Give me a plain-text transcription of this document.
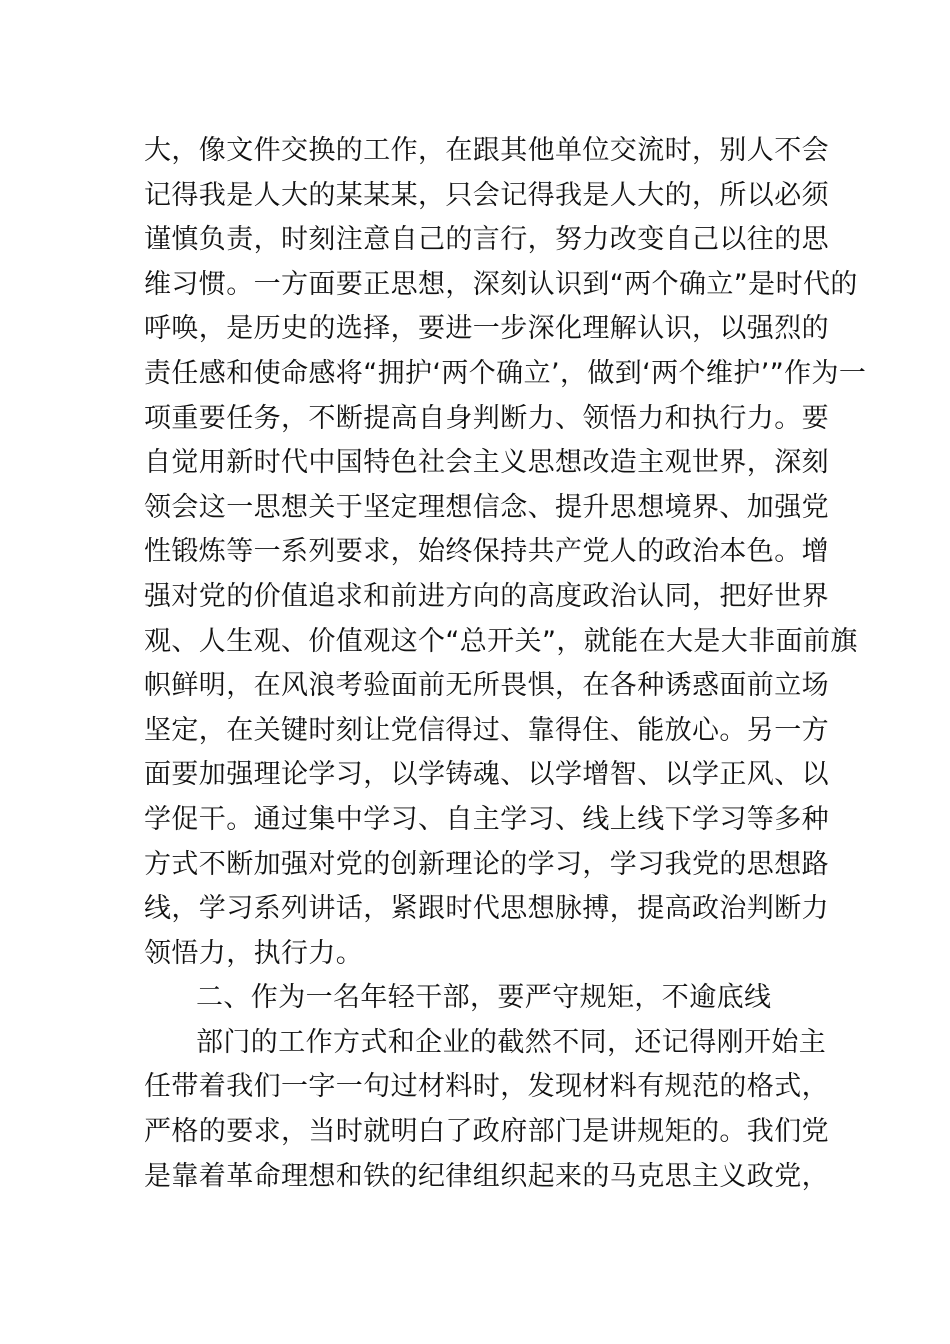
大，像文件交换的工作，在跟其他单位交流时，别人不会
记得我是人大的某某某，只会记得我是人大的，所以必须
谨慎负责，时刻注意自己的言行，努力改变自己以往的思
维习惯。一方面要正思想，深刻认识到“两个确立”是时代的
呼唤，是历史的选择，要进一步深化理解认识，以强烈的
责任感和使命感将“拥护‘两个确立’，做到‘两个维护’”作为一
项重要任务，不断提高自身判断力、领悟力和执行力。要
自觉用新时代中国特色社会主义思想改造主观世界，深刻
领会这一思想关于坚定理想信念、提升思想境界、加强党
性锻炼等一系列要求，始终保持共产党人的政治本色。增
强对党的价值追求和前进方向的高度政治认同，把好世界
观、人生观、价值观这个“总开关”，就能在大是大非面前旗
帜鲜明，在风浪考验面前无所畏惧，在各种诱惑面前立场
坚定，在关键时刻让党信得过、靠得住、能放心。另一方
面要加强理论学习，以学铸魂、以学增智、以学正风、以
学促干。通过集中学习、自主学习、线上线下学习等多种
方式不断加强对党的创新理论的学习，学习我党的思想路
线，学习系列讲话，紧跟时代思想脉搏，提高政治判断力
领悟力，执行力。
二、作为一名年轻干部，要严守规矩，不逾底线
部门的工作方式和企业的截然不同，还记得刚开始主
任带着我们一字一句过材料时，发现材料有规范的格式，
严格的要求，当时就明白了政府部门是讲规矩的。我们党
是靠着革命理想和铁的纪律组织起来的马克思主义政党，
